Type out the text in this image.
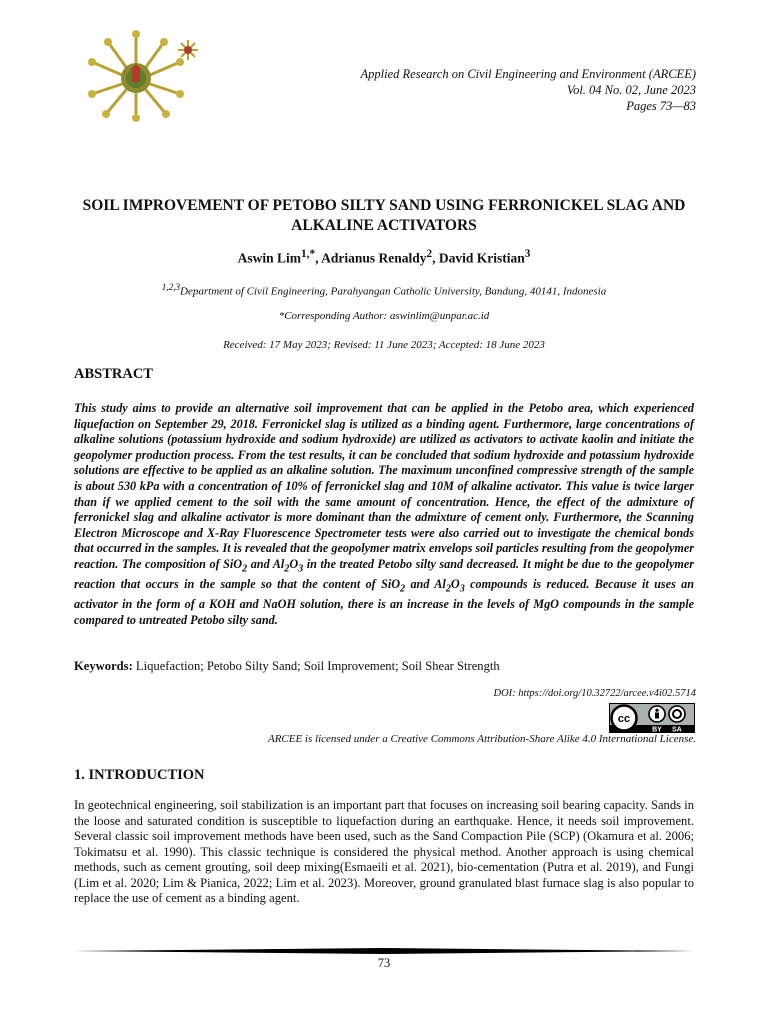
Applied Research on Civil Engineering and Environment (ARCEE)
Vol. 04 No. 02, June 2023
Pages 73—83
SOIL IMPROVEMENT OF PETOBO SILTY SAND USING FERRONICKEL SLAG AND ALKALINE ACTIVATORS
Aswin Lim$^{1,*}$, Adrianus Renaldy$^2$, David Kristian$^3$
$^{1,2,3}$Department of Civil Engineering, Parahyangan Catholic University, Bandung, 40141, Indonesia
*Corresponding Author: aswinlim@unpar.ac.id
Received: 17 May 2023; Revised: 11 June 2023; Accepted: 18 June 2023
ABSTRACT

This study aims to provide an alternative soil improvement that can be applied in the Petobo area, which experienced liquefaction on September 29, 2018. Ferronickel slag is utilized as a binding agent. Furthermore, large concentrations of alkaline solutions (potassium hydroxide and sodium hydroxide) are utilized as activators to activate kaolin and initiate the geopolymer production process. From the test results, it can be concluded that sodium hydroxide and potassium hydroxide solutions are effective to be applied as an alkaline solution. The maximum unconfined compressive strength of the sample is about 530 kPa with a concentration of 10% of ferronickel slag and 10M of alkaline activator. This value is twice larger than if we applied cement to the soil with the same amount of concentration. Hence, the effect of the admixture of ferronickel slag and alkaline activator is more dominant than the admixture of cement only. Furthermore, the Scanning Electron Microscope and X-Ray Fluorescence Spectrometer tests were also carried out to investigate the chemical bonds that occurred in the samples. It is revealed that the geopolymer matrix envelops soil particles resulting from the geopolymer reaction. The composition of SiO$_2$ and $Al_2O_3$ in the treated Petobo silty sand decreased. It might be due to the geopolymer reaction that occurs in the sample so that the content of SiO$_2$ and $Al_2O_3$ compounds is reduced. Because it uses an activator in the form of a KOH and NaOH solution, there is an increase in the levels of MgO compounds in the sample compared to untreated Petobo silty sand.

Keywords: Liquefaction; Petobo Silty Sand; Soil Improvement; Soil Shear Strength

DOI: https://doi.org/10.32722/arcee.v4i02.5714
cc
BY SA
ARCEE is licensed under a Creative Commons Attribution-Share Alike 4.0 International License.
1. INTRODUCTION

In geotechnical engineering, soil stabilization is an important part that focuses on increasing soil bearing capacity. Sands in the loose and saturated condition is susceptible to liquefaction during an earthquake. Hence, it needs soil improvement. Several classic soil improvement methods have been used, such as the Sand Compaction Pile (SCP) (Okamura et al. 2006; Tokimatsu et al. 1990). This classic technique is considered the physical method. Another approach is using chemical methods, such as cement grouting, soil deep mixing(Esmaeili et al. 2021), bio-cementation (Putra et al. 2019), and Fungi (Lim et al. 2020; Lim & Pianica, 2022; Lim et al. 2023). Moreover, ground granulated blast furnace slag is also popular to replace the use of cement as a binding agent.

73
